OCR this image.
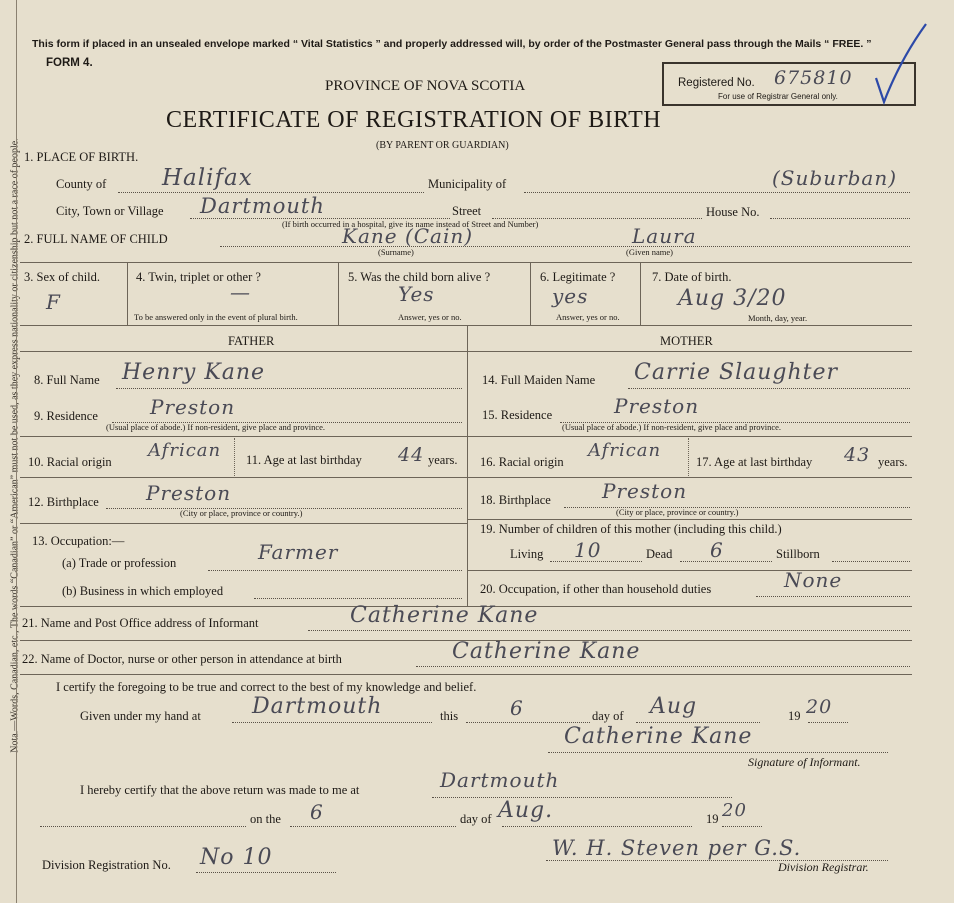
Nota.—Words, Canadian, etc., The words “Canadian” or “American” must not be used, as they express nationality or citizenship but not a race of people.
This form if placed in an unsealed envelope marked “ Vital Statistics ” and properly addressed will, by order of the Postmaster General pass through the Mails “ FREE. ”
FORM 4.
PROVINCE OF NOVA SCOTIA
CERTIFICATE OF REGISTRATION OF BIRTH
(BY PARENT OR GUARDIAN)
Registered No. 675810
For use of Registrar General only.
1. PLACE OF BIRTH.
County of Halifax	Municipality of	(Suburban)
City, Town or Village Dartmouth	Street	House No.
(If birth occurred in a hospital, give its name instead of Street and Number)
2. FULL NAME OF CHILD	Kane (Cain)
(Surname)
Laura
(Given name)
3. Sex of child.
F
4. Twin, triplet or other ?
—
To be answered only in the event of plural birth.
5. Was the child born alive ?
Yes
Answer, yes or no.
6. Legitimate ?
yes
Answer, yes or no.
7. Date of birth.
Aug 3/20
Month, day, year.
FATHER	MOTHER
8. Full Name Henry Kane
9. Residence	Preston
(Usual place of abode.) If non-resident, give place and province.
10. Racial origin
African 11. Age at last birthday 44 years.
12. Birthplace Preston
(City or place, province or country.)
13. Occupation:—
(a) Trade or profession	Farmer
(b) Business in which employed
14. Full Maiden Name Carrie Slaughter
15. Residence	Preston
(Usual place of abode.) If non-resident, give place and province.
16. Racial origin
African
17. Age at last birthday 43 years.
18. Birthplace	Preston
(City or place, province or country.)
19. Number of children of this mother (including this child.)
Living 10	Dead 6	Stillborn
20. Occupation, if other than household duties	None
21. Name and Post Office address of Informant	Catherine Kane
22. Name of Doctor, nurse or other person in attendance at birth	Catherine Kane
I certify the foregoing to be true and correct to the best of my knowledge and belief.
Given under my hand at Dartmouth	this	6	day of Aug	19 20
Catherine Kane
Signature of Informant.
I hereby certify that the above return was made to me at	Dartmouth
on the 6	day of Aug.	19 20
Division Registration No. No 10	W. H. Steven per G.S.
Division Registrar.
